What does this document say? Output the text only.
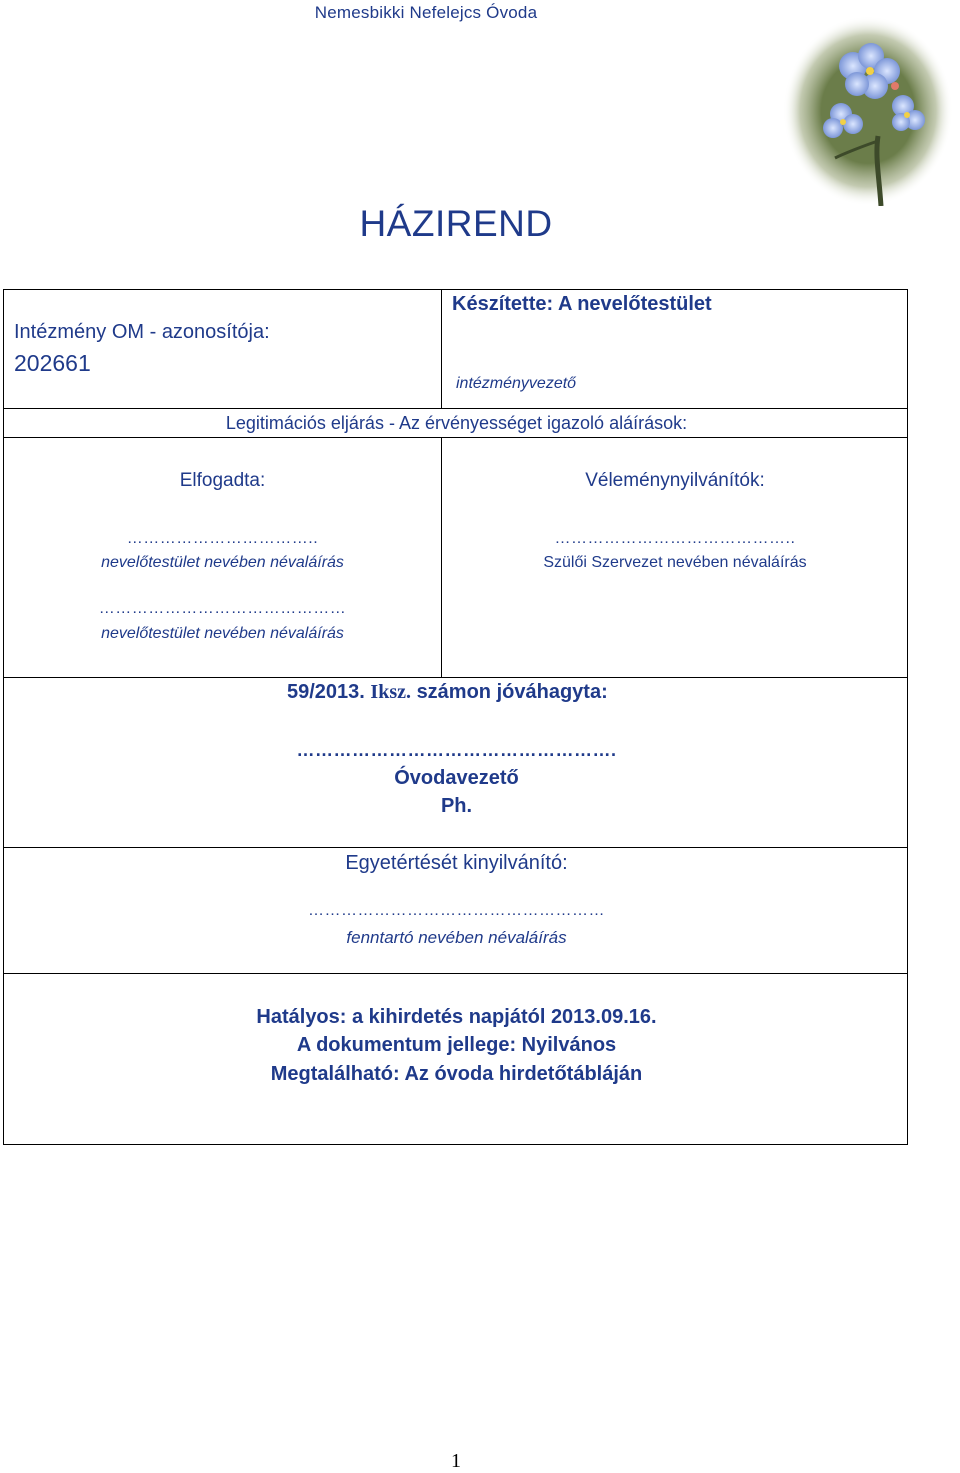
Nemesbikki Nefelejcs Óvoda
HÁZIREND
Intézmény OM - azonosítója:
202661
Készítette: A nevelőtestület
intézményvezető
Legitimációs eljárás - Az érvényességet igazoló aláírások:
Elfogadta:	Véleménynyilvánítók:
……………………………..
nevelőtestület nevében névaláírás
……………………………………..
Szülői Szervezet nevében névaláírás
………………………………………
nevelőtestület nevében névaláírás
59/2013. Iksz. számon jóváhagyta:
…………………………………………….
Óvodavezető
Ph.
Egyetértését kinyilvánító:
………………………………………………
fenntartó nevében névaláírás
Hatályos: a kihirdetés napjától 2013.09.16.
A dokumentum jellege: Nyilvános
Megtalálható: Az óvoda hirdetőtábláján
1
